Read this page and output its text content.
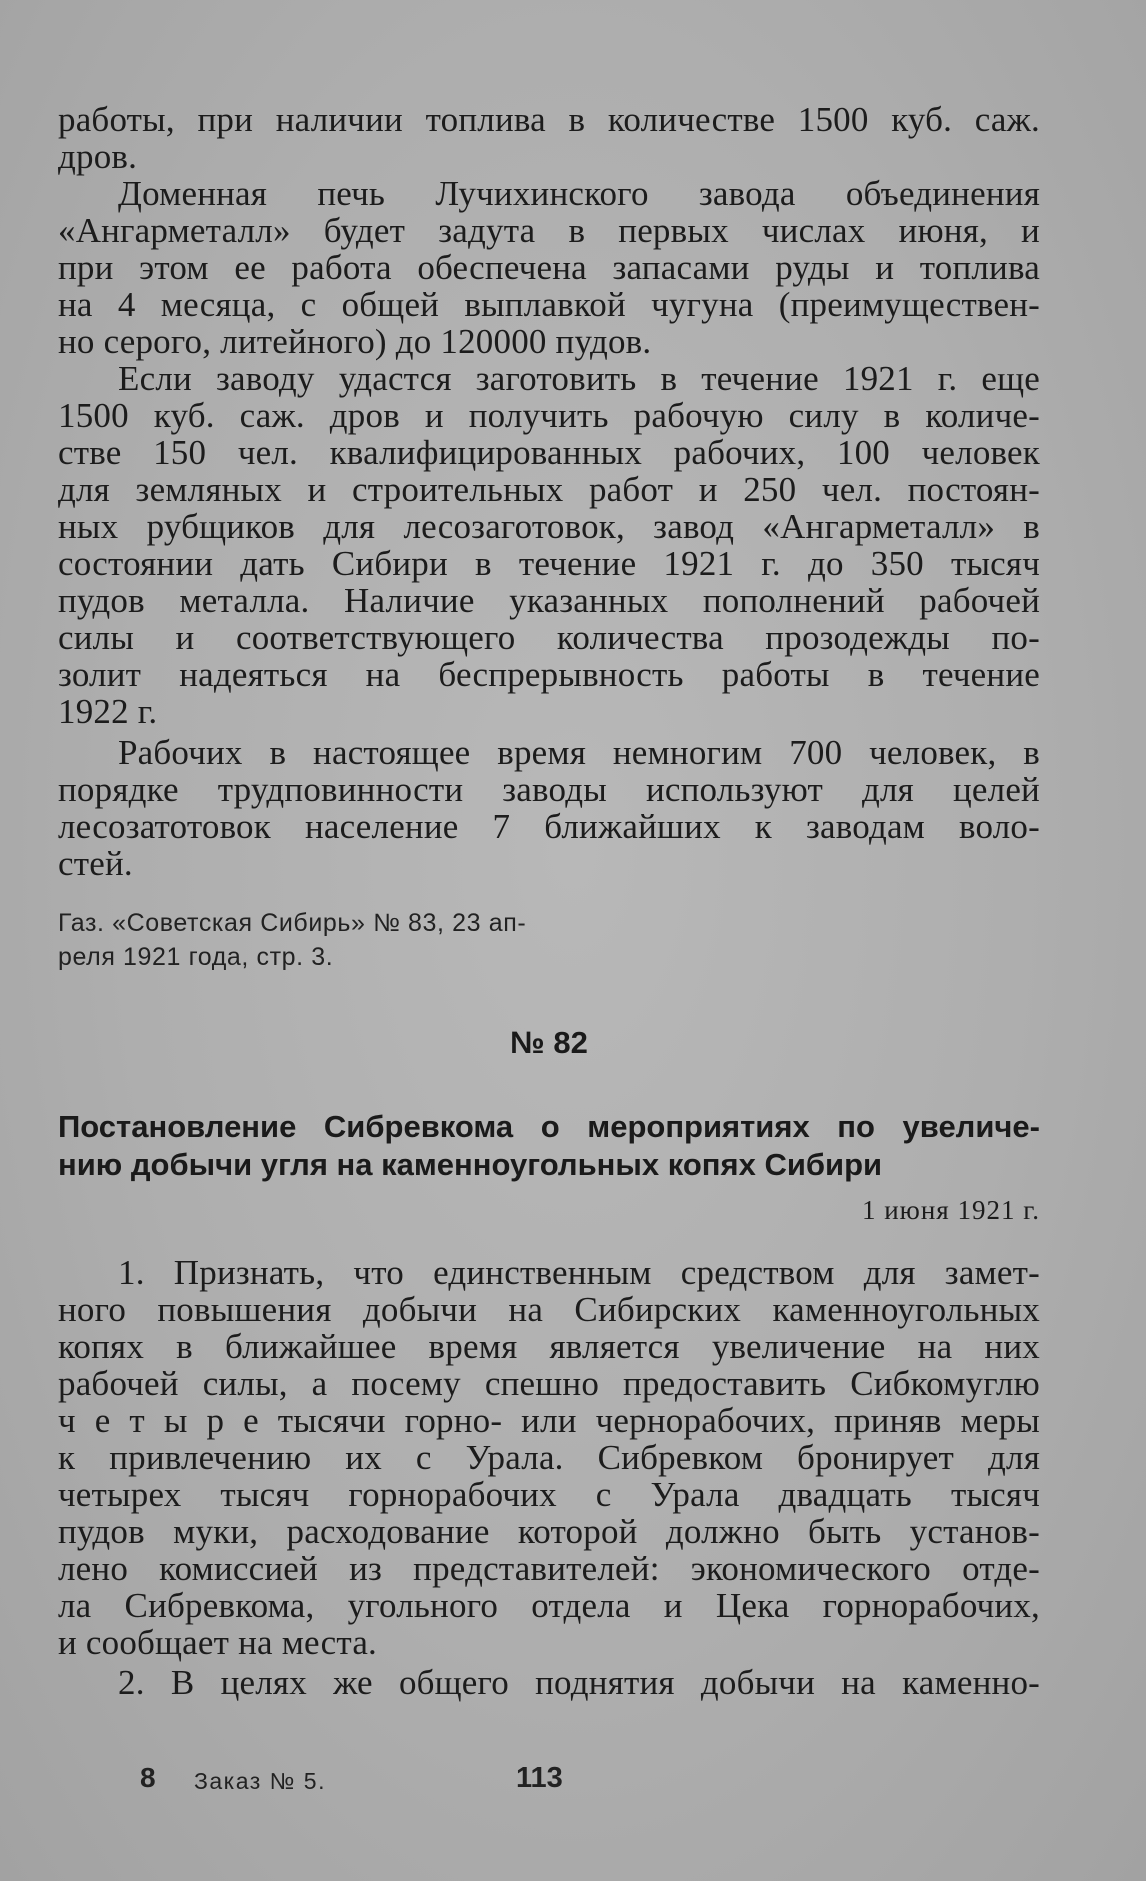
работы, при наличии топлива в количестве 1500 куб. саж.
дров.
Доменная печь Лучихинского завода объединения
«Ангарметалл» будет задута в первых числах июня, и
при этом ее работа обеспечена запасами руды и топлива
на 4 месяца, с общей выплавкой чугуна (преимуществен-
но серого, литейного) до 120000 пудов.
Если заводу удастся заготовить в течение 1921 г. еще
1500 куб. саж. дров и получить рабочую силу в количе-
стве 150 чел. квалифицированных рабочих, 100 человек
для земляных и строительных работ и 250 чел. постоян-
ных рубщиков для лесозаготовок, завод «Ангарметалл» в
состоянии дать Сибири в течение 1921 г. до 350 тысяч
пудов металла. Наличие указанных пополнений рабочей
силы и соответствующего количества прозодежды по-
золит надеяться на беспрерывность работы в течение
1922 г.
Рабочих в настоящее время немногим 700 человек, в
порядке трудповинности заводы используют для целей
лесозатотовок население 7 ближайших к заводам воло-
стей.
Газ. «Советская Сибирь» № 83, 23 ап-
реля 1921 года, стр. 3.
№ 82
Постановление Сибревкома о мероприятиях по увеличе-
нию добычи угля на каменноугольных копях Сибири
1 июня 1921 г.
1. Признать, что единственным средством для замет-
ного повышения добычи на Сибирских каменноугольных
копях в ближайшее время является увеличение на них
рабочей силы, а посему спешно предоставить Сибкомуглю
ч е т ы р е тысячи горно- или чернорабочих, приняв меры
к привлечению их с Урала. Сибревком бронирует для
четырех тысяч горнорабочих с Урала двадцать тысяч
пудов муки, расходование которой должно быть установ-
лено комиссией из представителей: экономического отде-
ла Сибревкома, угольного отдела и Цека горнорабочих,
и сообщает на места.
2. В целях же общего поднятия добычи на каменно-
8 Заказ № 5.	113
